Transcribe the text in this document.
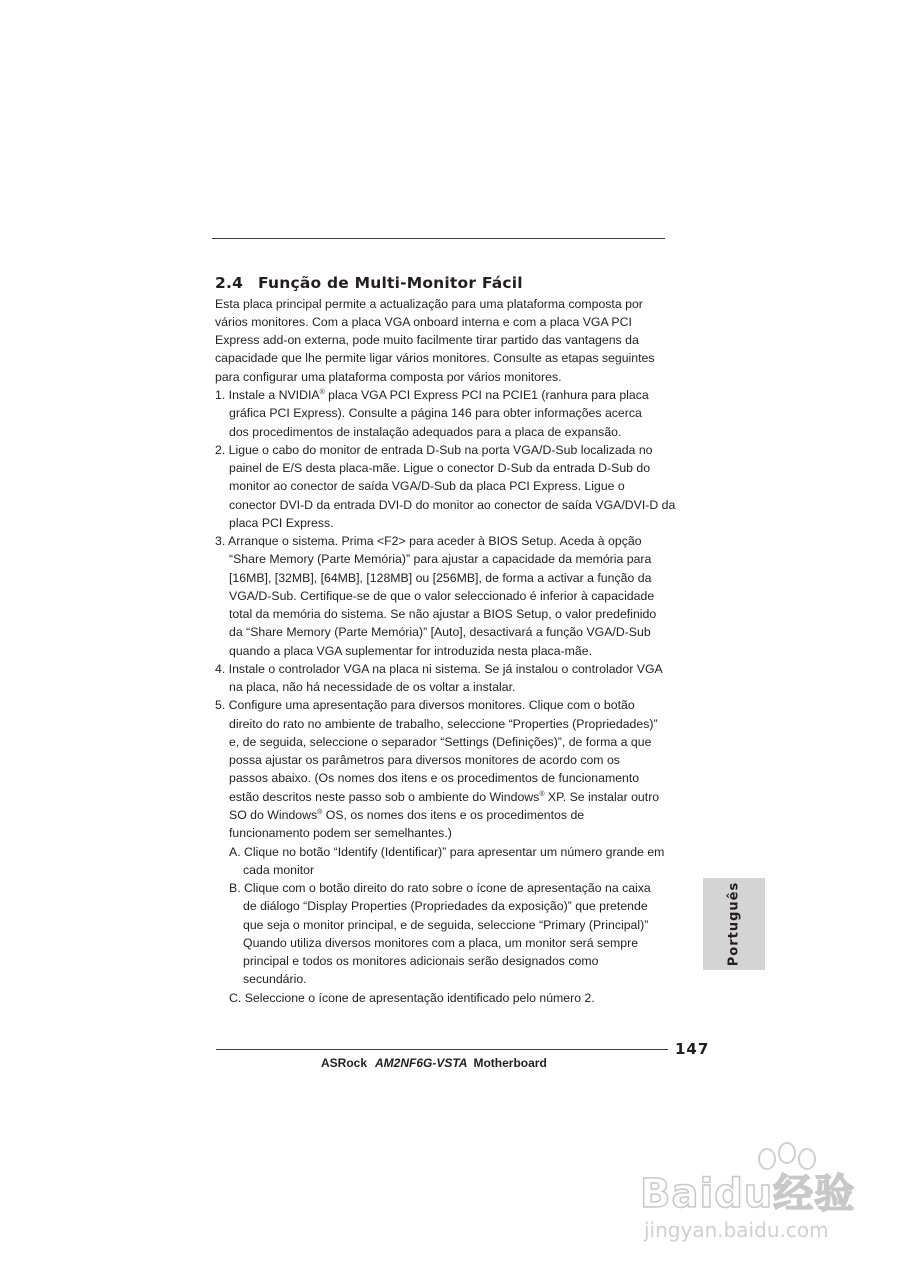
2.4 Função de Multi-Monitor Fácil
Esta placa principal permite a actualização para uma plataforma composta por
vários monitores. Com a placa VGA onboard interna e com a placa VGA PCI
Express add-on externa, pode muito facilmente tirar partido das vantagens da
capacidade que lhe permite ligar vários monitores. Consulte as etapas seguintes
para configurar uma plataforma composta por vários monitores.
1. Instale a NVIDIA® placa VGA PCI Express PCI na PCIE1 (ranhura para placa
gráfica PCI Express). Consulte a página 146 para obter informações acerca
dos procedimentos de instalação adequados para a placa de expansão.
2. Ligue o cabo do monitor de entrada D-Sub na porta VGA/D-Sub localizada no
painel de E/S desta placa-mãe. Ligue o conector D-Sub da entrada D-Sub do
monitor ao conector de saída VGA/D-Sub da placa PCI Express. Ligue o
conector DVI-D da entrada DVI-D do monitor ao conector de saída VGA/DVI-D da
placa PCI Express.
3. Arranque o sistema. Prima <F2> para aceder à BIOS Setup. Aceda à opção
“Share Memory (Parte Memória)” para ajustar a capacidade da memória para
[16MB], [32MB], [64MB], [128MB] ou [256MB], de forma a activar a função da
VGA/D-Sub. Certifique-se de que o valor seleccionado é inferior à capacidade
total da memória do sistema. Se não ajustar a BIOS Setup, o valor predefinido
da “Share Memory (Parte Memória)” [Auto], desactivará a função VGA/D-Sub
quando a placa VGA suplementar for introduzida nesta placa-mãe.
4. Instale o controlador VGA na placa ni sistema. Se já instalou o controlador VGA
na placa, não há necessidade de os voltar a instalar.
5. Configure uma apresentação para diversos monitores. Clique com o botão
direito do rato no ambiente de trabalho, seleccione “Properties (Propriedades)”
e, de seguida, seleccione o separador “Settings (Definições)”, de forma a que
possa ajustar os parâmetros para diversos monitores de acordo com os
passos abaixo. (Os nomes dos itens e os procedimentos de funcionamento
estão descritos neste passo sob o ambiente do Windows® XP. Se instalar outro
SO do Windows® OS, os nomes dos itens e os procedimentos de
funcionamento podem ser semelhantes.)
A. Clique no botão “Identify (Identificar)” para apresentar um número grande em
cada monitor
B. Clique com o botão direito do rato sobre o ícone de apresentação na caixa
de diálogo “Display Properties (Propriedades da exposição)” que pretende
que seja o monitor principal, e de seguida, seleccione “Primary (Principal)”
Quando utiliza diversos monitores com a placa, um monitor será sempre
principal e todos os monitores adicionais serão designados como
secundário.
C. Seleccione o ícone de apresentação identificado pelo número 2.
Português
147
ASRock AM2NF6G-VSTA Motherboard
Baidu经验
jingyan.baidu.com
